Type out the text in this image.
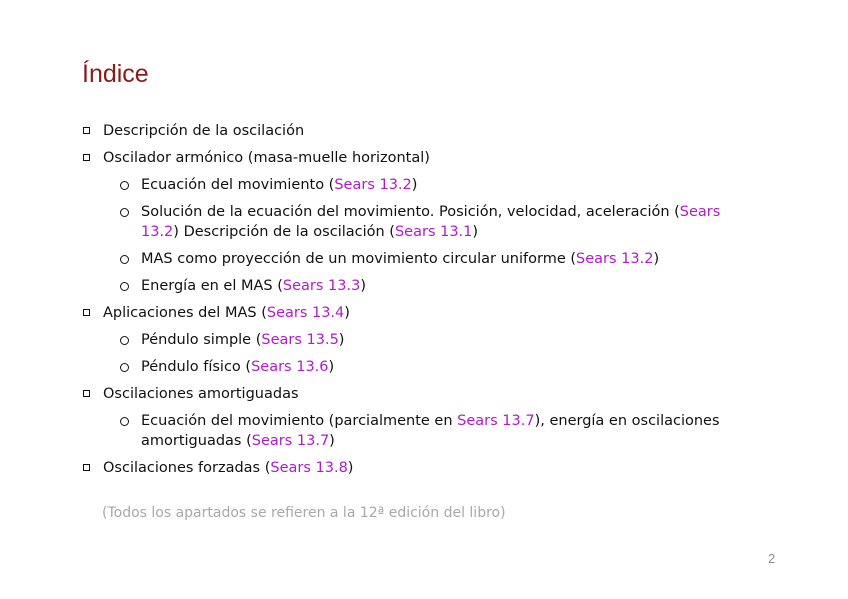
Índice
Descripción de la oscilación
Oscilador armónico (masa-muelle horizontal)
Ecuación del movimiento (Sears 13.2)
Solución de la ecuación del movimiento. Posición, velocidad, aceleración (Sears 13.2) Descripción de la oscilación (Sears 13.1)
MAS como proyección de un movimiento circular uniforme (Sears 13.2)
Energía en el MAS (Sears 13.3)
Aplicaciones del MAS (Sears 13.4)
Péndulo simple (Sears 13.5)
Péndulo físico (Sears 13.6)
Oscilaciones amortiguadas
Ecuación del movimiento (parcialmente en Sears 13.7), energía en oscilaciones amortiguadas (Sears 13.7)
Oscilaciones forzadas (Sears 13.8)
(Todos los apartados se refieren a la 12ª edición del libro)
2
